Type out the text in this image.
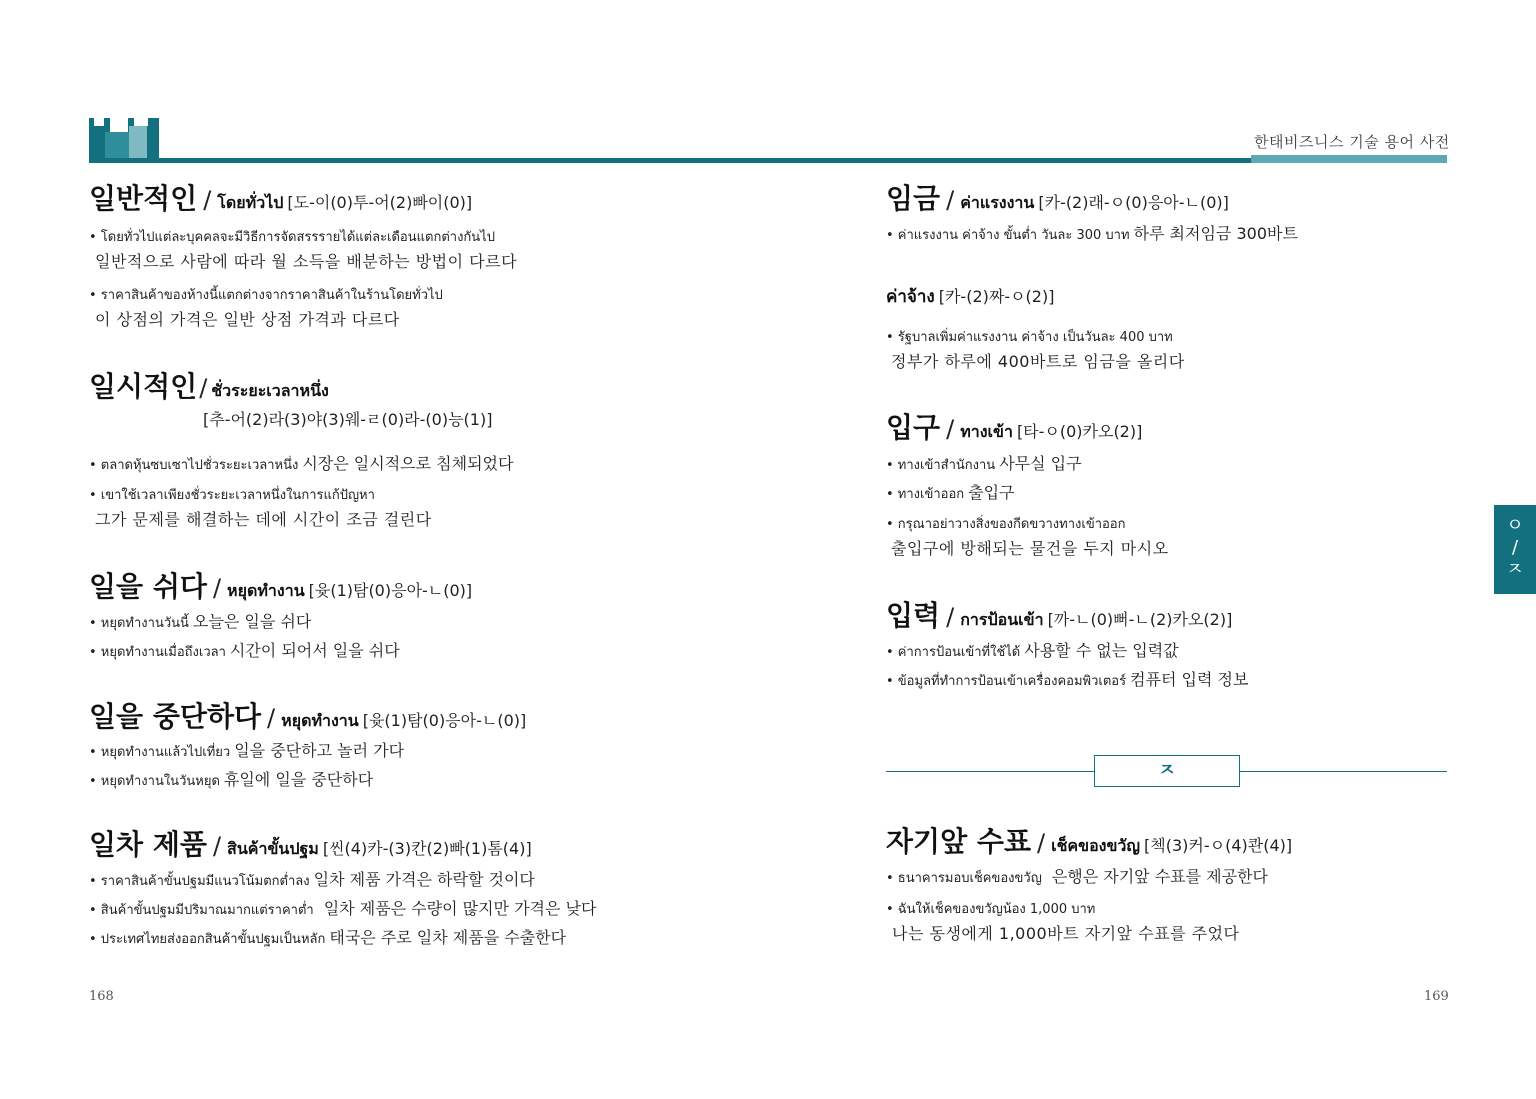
한태비즈니스 기술 용어 사전
일반적인 / โดยทั่วไป [도-이(0)투-어(2)빠이(0)]
• โดยทั่วไปแต่ละบุคคลจะมีวิธีการจัดสรรรายได้แต่ละเดือนแตกต่างกันไป
일반적으로 사람에 따라 월 소득을 배분하는 방법이 다르다
• ราคาสินค้าของห้างนี้แตกต่างจากราคาสินค้าในร้านโดยทั่วไป
이 상점의 가격은 일반 상점 가격과 다르다
일시적인/ ชั่วระยะเวลาหนึ่ง
[추-어(2)라(3)야(3)웨-ㄹ(0)라-(0)능(1)]
• ตลาดหุ้นซบเซาไปชั่วระยะเวลาหนึ่ง 시장은 일시적으로 침체되었다
• เขาใช้เวลาเพียงชั่วระยะเวลาหนึ่งในการแก้ปัญหา
그가 문제를 해결하는 데에 시간이 조금 걸린다
일을 쉬다 / หยุดทำงาน [윳(1)탐(0)응아-ㄴ(0)]
• หยุดทำงานวันนี้ 오늘은 일을 쉬다
• หยุดทำงานเมื่อถึงเวลา 시간이 되어서 일을 쉬다
일을 중단하다 / หยุดทำงาน [윳(1)탐(0)응아-ㄴ(0)]
• หยุดทำงานแล้วไปเที่ยว 일을 중단하고 놀러 가다
• หยุดทำงานในวันหยุด 휴일에 일을 중단하다
일차 제품 / สินค้าขั้นปฐม [씬(4)카-(3)칸(2)빠(1)톰(4)]
• ราคาสินค้าขั้นปฐมมีแนวโน้มตกต่ำลง 일차 제품 가격은 하락할 것이다
• สินค้าขั้นปฐมมีปริมาณมากแต่ราคาต่ำ 일차 제품은 수량이 많지만 가격은 낮다
• ประเทศไทยส่งออกสินค้าขั้นปฐมเป็นหลัก 태국은 주로 일차 제품을 수출한다
168
임금 / ค่าแรงงาน [카-(2)래-ㅇ(0)응아-ㄴ(0)]
• ค่าแรงงาน ค่าจ้าง ขั้นต่ำ วันละ 300 บาท 하루 최저임금 300바트
ค่าจ้าง [카-(2)짜-ㅇ(2)]
• รัฐบาลเพิ่มค่าแรงงาน ค่าจ้าง เป็นวันละ 400 บาท
정부가 하루에 400바트로 임금을 올리다
입구 / ทางเข้า [타-ㅇ(0)카오(2)]
• ทางเข้าสำนักงาน 사무실 입구
• ทางเข้าออก 출입구
• กรุณาอย่าวางสิ่งของกีดขวางทางเข้าออก
출입구에 방해되는 물건을 두지 마시오
입력 / การป้อนเข้า [까-ㄴ(0)뻐-ㄴ(2)카오(2)]
• ค่าการป้อนเข้าที่ใช้ได้ 사용할 수 없는 입력값
• ข้อมูลที่ทำการป้อนเข้าเครื่องคอมพิวเตอร์ 컴퓨터 입력 정보
ㅈ
자기앞 수표 / เช็คของขวัญ [첵(3)커-ㅇ(4)콴(4)]
• ธนาคารมอบเช็คของขวัญ 은행은 자기앞 수표를 제공한다
• ฉันให้เช็คของขวัญน้อง 1,000 บาท
나는 동생에게 1,000바트 자기앞 수표를 주었다
169
ㅇ
/
ㅈ
